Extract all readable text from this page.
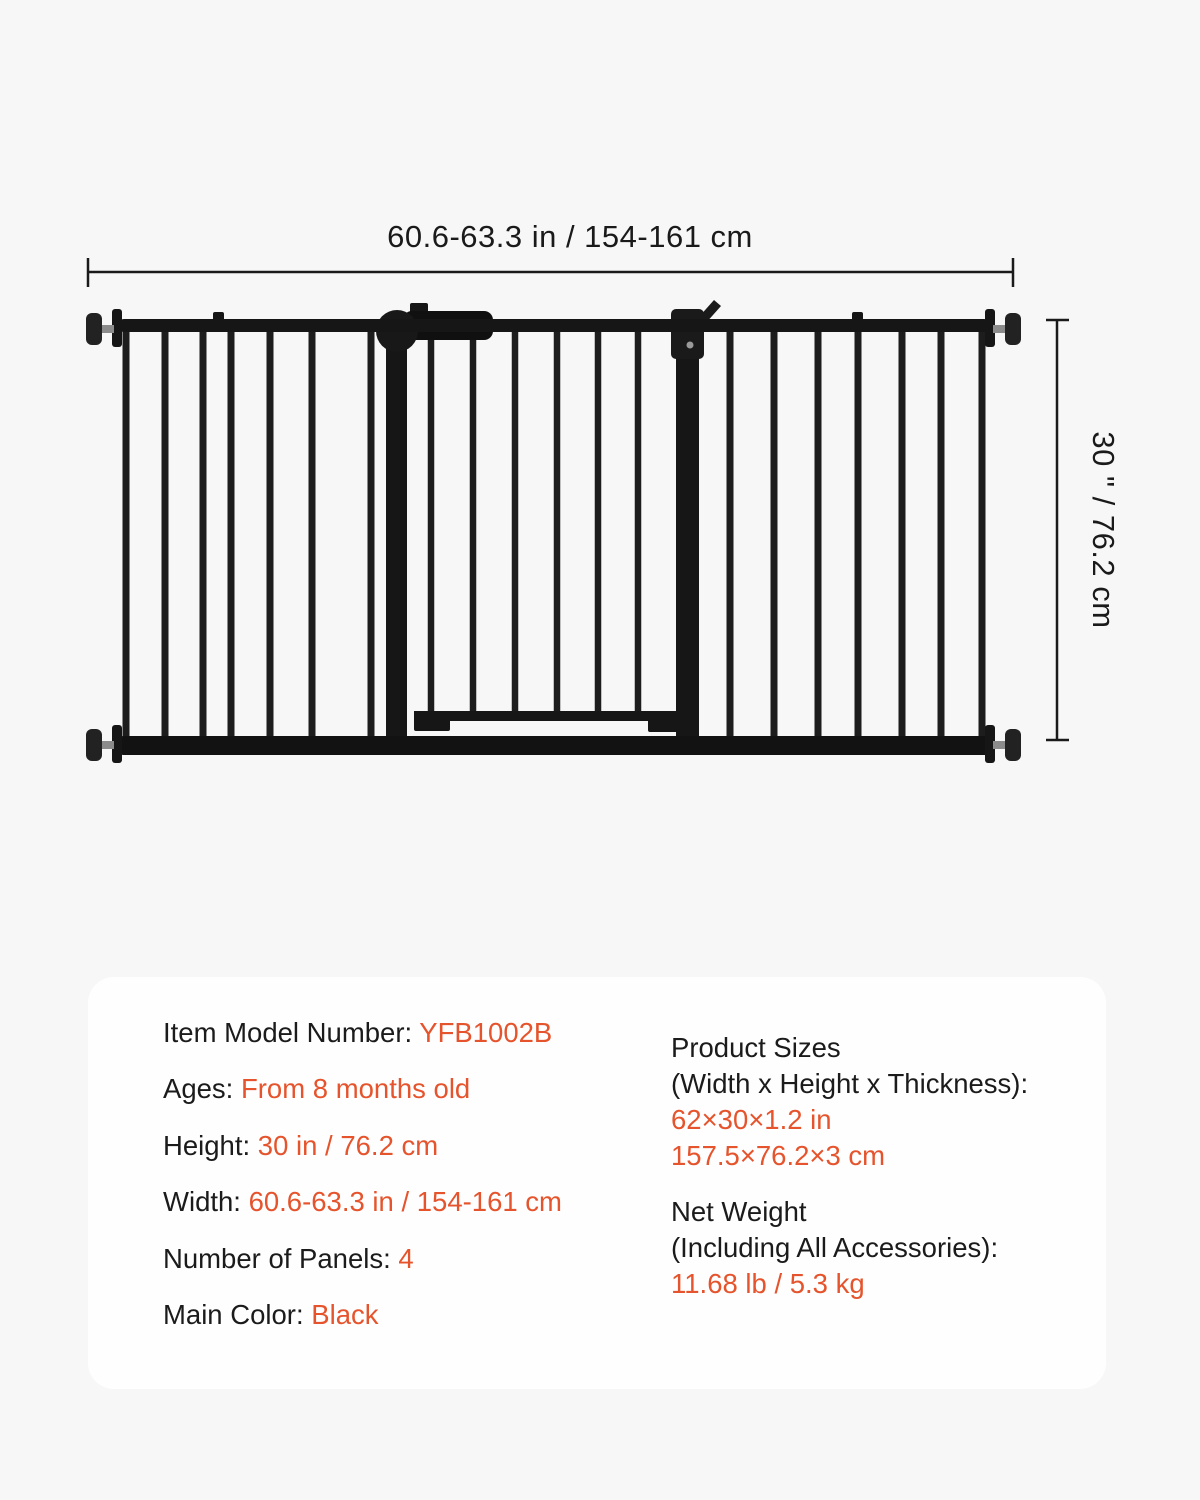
60.6-63.3 in / 154-161 cm
30 " / 76.2 cm
Item Model Number: YFB1002B
Ages: From 8 months old
Height: 30 in / 76.2 cm
Width: 60.6-63.3 in / 154-161 cm
Number of Panels: 4
Main Color: Black
Product Sizes
(Width x Height x Thickness):
62×30×1.2 in
157.5×76.2×3 cm
Net Weight
(Including All Accessories):
11.68 lb / 5.3 kg
